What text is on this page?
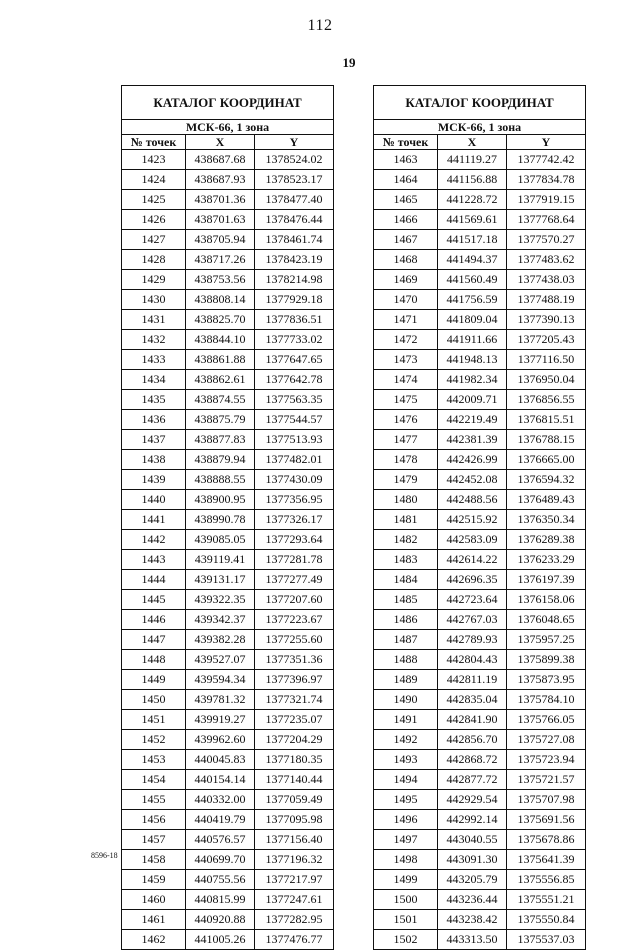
112
19
КАТАЛОГ КООРДИНАТ
МСК-66, 1 зона
№ точек	X	Y
1423	438687.68	1378524.02
1424	438687.93	1378523.17
1425	438701.36	1378477.40
1426	438701.63	1378476.44
1427	438705.94	1378461.74
1428	438717.26	1378423.19
1429	438753.56	1378214.98
1430	438808.14	1377929.18
1431	438825.70	1377836.51
1432	438844.10	1377733.02
1433	438861.88	1377647.65
1434	438862.61	1377642.78
1435	438874.55	1377563.35
1436	438875.79	1377544.57
1437	438877.83	1377513.93
1438	438879.94	1377482.01
1439	438888.55	1377430.09
1440	438900.95	1377356.95
1441	438990.78	1377326.17
1442	439085.05	1377293.64
1443	439119.41	1377281.78
1444	439131.17	1377277.49
1445	439322.35	1377207.60
1446	439342.37	1377223.67
1447	439382.28	1377255.60
1448	439527.07	1377351.36
1449	439594.34	1377396.97
1450	439781.32	1377321.74
1451	439919.27	1377235.07
1452	439962.60	1377204.29
1453	440045.83	1377180.35
1454	440154.14	1377140.44
1455	440332.00	1377059.49
1456	440419.79	1377095.98
1457	440576.57	1377156.40
1458	440699.70	1377196.32
1459	440755.56	1377217.97
1460	440815.99	1377247.61
1461	440920.88	1377282.95
1462	441005.26	1377476.77
КАТАЛОГ КООРДИНАТ
МСК-66, 1 зона
№ точек	X	Y
1463	441119.27	1377742.42
1464	441156.88	1377834.78
1465	441228.72	1377919.15
1466	441569.61	1377768.64
1467	441517.18	1377570.27
1468	441494.37	1377483.62
1469	441560.49	1377438.03
1470	441756.59	1377488.19
1471	441809.04	1377390.13
1472	441911.66	1377205.43
1473	441948.13	1377116.50
1474	441982.34	1376950.04
1475	442009.71	1376856.55
1476	442219.49	1376815.51
1477	442381.39	1376788.15
1478	442426.99	1376665.00
1479	442452.08	1376594.32
1480	442488.56	1376489.43
1481	442515.92	1376350.34
1482	442583.09	1376289.38
1483	442614.22	1376233.29
1484	442696.35	1376197.39
1485	442723.64	1376158.06
1486	442767.03	1376048.65
1487	442789.93	1375957.25
1488	442804.43	1375899.38
1489	442811.19	1375873.95
1490	442835.04	1375784.10
1491	442841.90	1375766.05
1492	442856.70	1375727.08
1493	442868.72	1375723.94
1494	442877.72	1375721.57
1495	442929.54	1375707.98
1496	442992.14	1375691.56
1497	443040.55	1375678.86
1498	443091.30	1375641.39
1499	443205.79	1375556.85
1500	443236.44	1375551.21
1501	443238.42	1375550.84
1502	443313.50	1375537.03
8596-18
